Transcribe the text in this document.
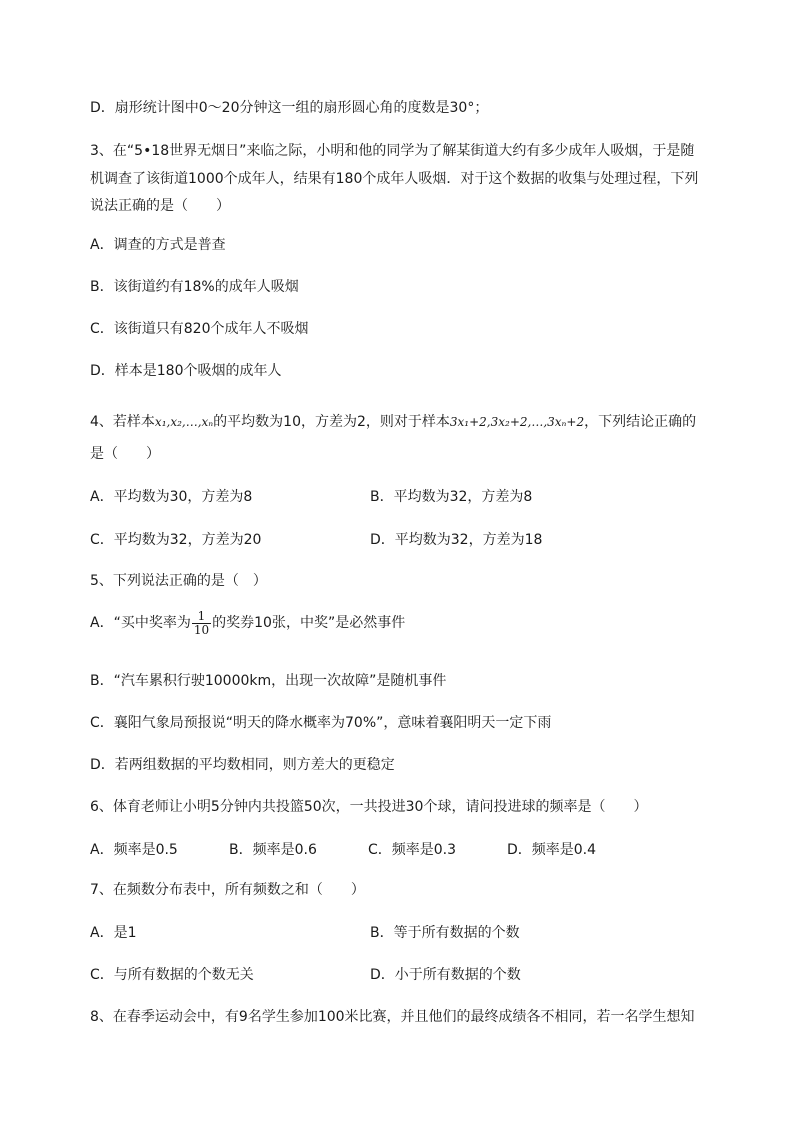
D．扇形统计图中0～20分钟这一组的扇形圆心角的度数是30°；
3、在“5•18世界无烟日”来临之际，小明和他的同学为了解某街道大约有多少成年人吸烟，于是随
机调查了该街道1000个成年人，结果有180个成年人吸烟．对于这个数据的收集与处理过程，下列
说法正确的是（　　）
A．调查的方式是普查
B．该街道约有18%的成年人吸烟
C．该街道只有820个成年人不吸烟
D．样本是180个吸烟的成年人
4、若样本x₁,x₂,…,xₙ的平均数为10，方差为2，则对于样本3x₁+2,3x₂+2,…,3xₙ+2，下列结论正确的
是（　　）
A．平均数为30，方差为8	B．平均数为32，方差为8
C．平均数为32，方差为20	D．平均数为32，方差为18
5、下列说法正确的是（　）
A．“买中奖率为 $\frac{1}{10}$ 的奖券10张，中奖”是必然事件
B．“汽车累积行驶10000km，出现一次故障”是随机事件
C．襄阳气象局预报说“明天的降水概率为70%”，意味着襄阳明天一定下雨
D．若两组数据的平均数相同，则方差大的更稳定
6、体育老师让小明5分钟内共投篮50次，一共投进30个球，请问投进球的频率是（　　）
A．频率是0.5	B．频率是0.6	C．频率是0.3	D．频率是0.4
7、在频数分布表中，所有频数之和（　　）
A．是1	B．等于所有数据的个数
C．与所有数据的个数无关	D．小于所有数据的个数
8、在春季运动会中，有9名学生参加100米比赛，并且他们的最终成绩各不相同，若一名学生想知
